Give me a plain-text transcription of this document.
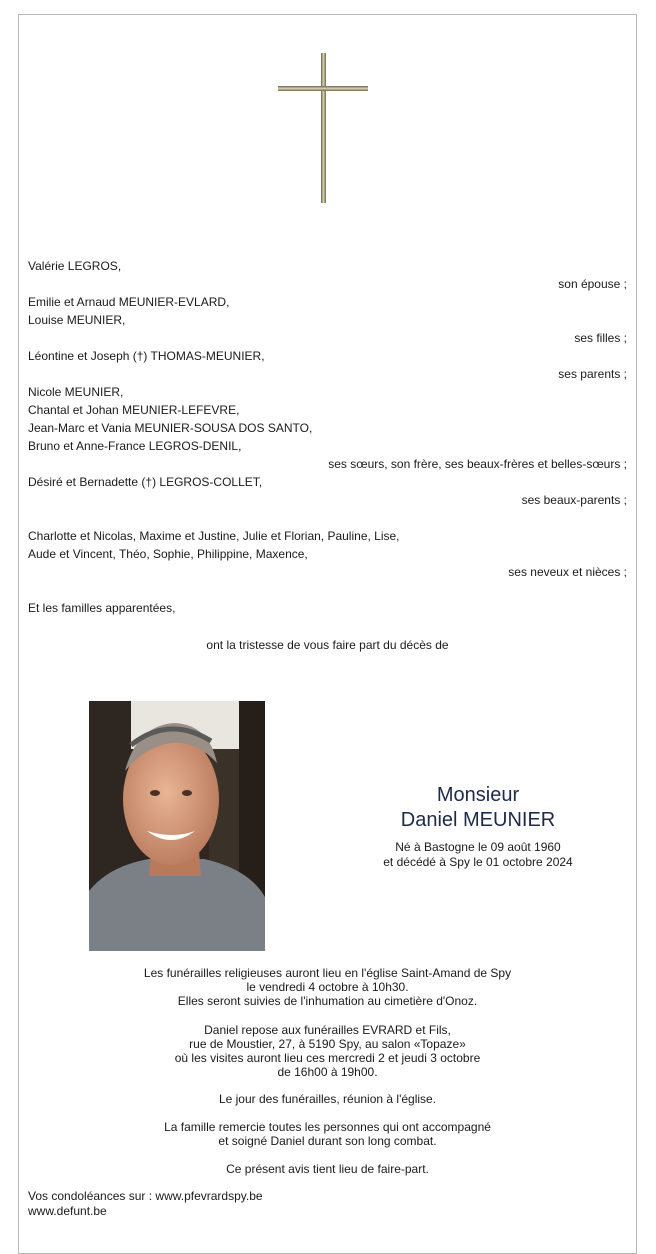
Valérie LEGROS,
son épouse ;
Emilie et Arnaud MEUNIER-EVLARD,
Louise MEUNIER,
ses filles ;
Léontine et Joseph (†) THOMAS-MEUNIER,
ses parents ;
Nicole MEUNIER,
Chantal et Johan MEUNIER-LEFEVRE,
Jean-Marc et Vania MEUNIER-SOUSA DOS SANTO,
Bruno et Anne-France LEGROS-DENIL,
ses sœurs, son frère, ses beaux-frères et belles-sœurs ;
Désiré et Bernadette (†) LEGROS-COLLET,
ses beaux-parents ;
Charlotte et Nicolas, Maxime et Justine, Julie et Florian, Pauline, Lise,
Aude et Vincent, Théo, Sophie, Philippine, Maxence,
ses neveux et nièces ;
Et les familles apparentées,
ont la tristesse de vous faire part du décès de
Monsieur
Daniel MEUNIER
Né à Bastogne le 09 août 1960
et décédé à Spy le 01 octobre 2024
Les funérailles religieuses auront lieu en l'église Saint-Amand de Spy
le vendredi 4 octobre à 10h30.
Elles seront suivies de l'inhumation au cimetière d'Onoz.
Daniel repose aux funérailles EVRARD et Fils,
rue de Moustier, 27, à 5190 Spy, au salon «Topaze»
où les visites auront lieu ces mercredi 2 et jeudi 3 octobre
de 16h00 à 19h00.
Le jour des funérailles, réunion à l'église.
La famille remercie toutes les personnes qui ont accompagné
et soigné Daniel durant son long combat.
Ce présent avis tient lieu de faire-part.
Vos condoléances sur : www.pfevrardspy.be
www.defunt.be
